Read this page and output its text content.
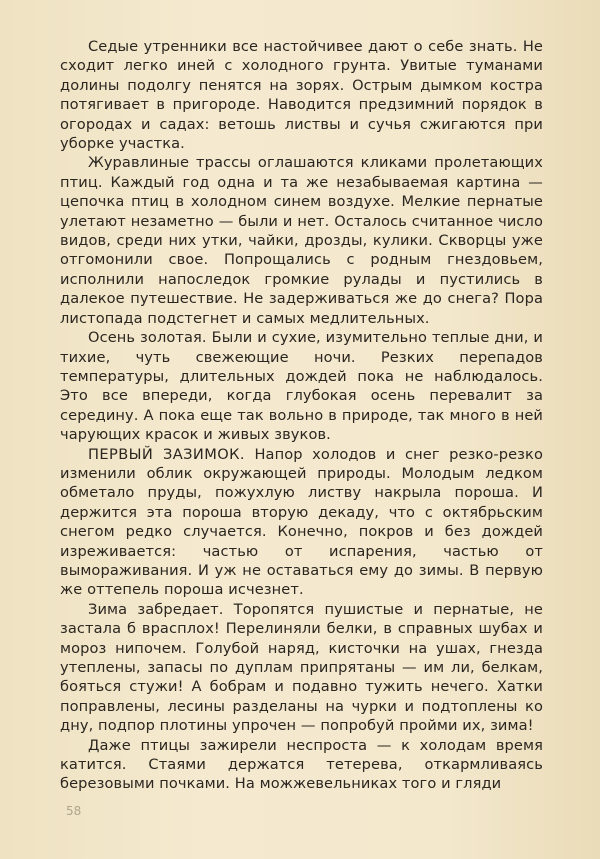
Седые утренники все настойчивее дают о себе знать. Не сходит легко иней с холодного грунта. Увитые туманами долины подолгу пенятся на зорях. Острым дымком костра потягивает в пригороде. Наводится предзимний порядок в огородах и садах: ветошь листвы и сучья сжигаются при уборке участка.

Журавлиные трассы оглашаются кликами пролетающих птиц. Каждый год одна и та же незабываемая картина — цепочка птиц в холодном синем воздухе. Мелкие пернатые улетают незаметно — были и нет. Осталось считанное число видов, среди них утки, чайки, дрозды, кулики. Скворцы уже отгомонили свое. Попрощались с родным гнездовьем, исполнили напоследок громкие рулады и пустились в далекое путешествие. Не задерживаться же до снега? Пора листопада подстегнет и самых медлительных.

Осень золотая. Были и сухие, изумительно теплые дни, и тихие, чуть свежеющие ночи. Резких перепадов температуры, длительных дождей пока не наблюдалось. Это все впереди, когда глубокая осень перевалит за середину. А пока еще так вольно в природе, так много в ней чарующих красок и живых звуков.

ПЕРВЫЙ ЗАЗИМОК. Напор холодов и снег резко-резко изменили облик окружающей природы. Молодым ледком обметало пруды, пожухлую листву накрыла пороша. И держится эта пороша вторую декаду, что с октябрьским снегом редко случается. Конечно, покров и без дождей изреживается: частью от испарения, частью от вымораживания. И уж не оставаться ему до зимы. В первую же оттепель пороша исчезнет.

Зима забредает. Торопятся пушистые и пернатые, не застала б врасплох! Перелиняли белки, в справных шубах и мороз нипочем. Голубой наряд, кисточки на ушах, гнезда утеплены, запасы по дуплам припрятаны — им ли, белкам, бояться стужи! А бобрам и подавно тужить нечего. Хатки поправлены, лесины разделаны на чурки и подтоплены ко дну, подпор плотины упрочен — попробуй пройми их, зима!

Даже птицы зажирели неспроста — к холодам время катится. Стаями держатся тетерева, откармливаясь березовыми почками. На можжевельниках того и гляди

58
